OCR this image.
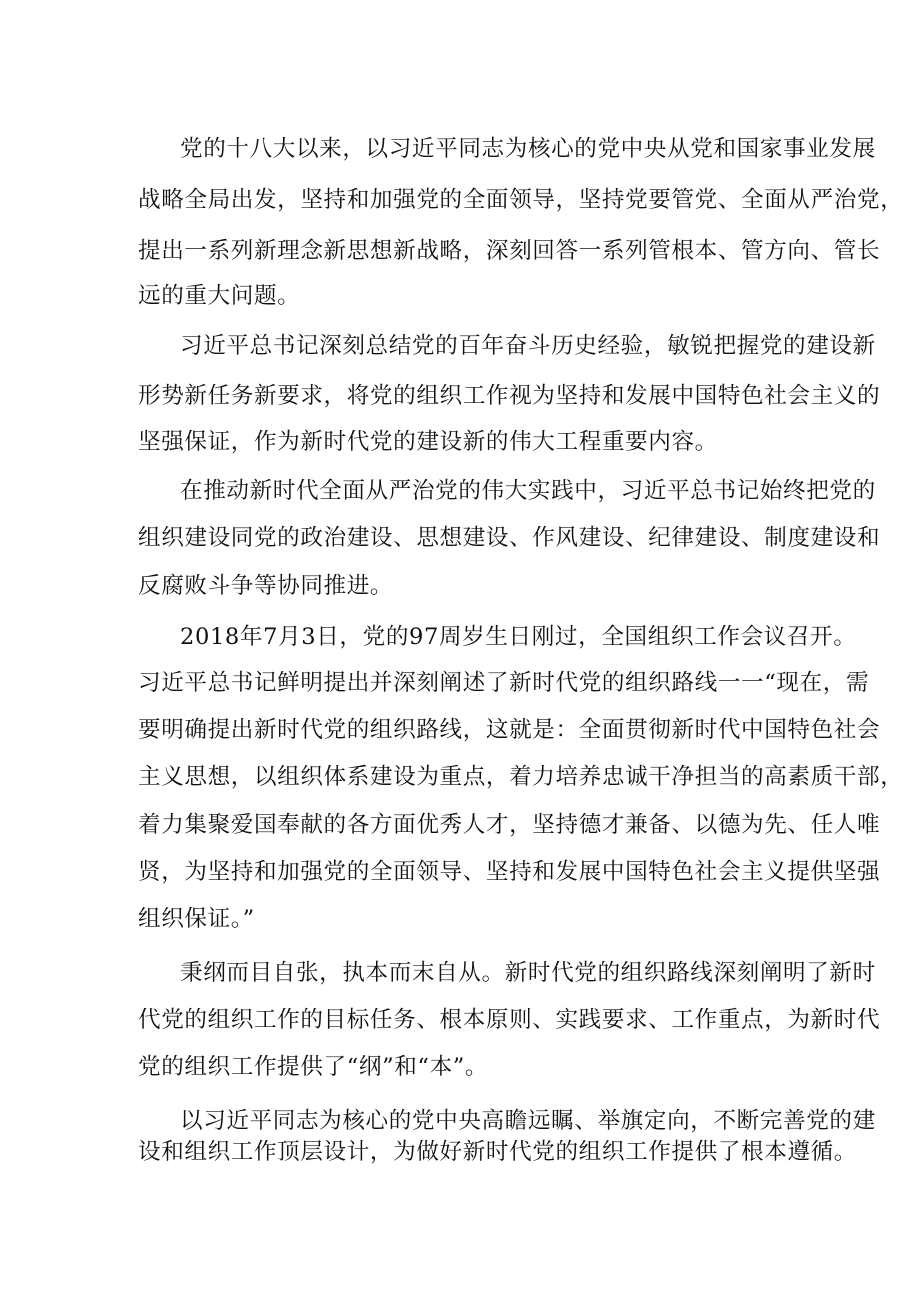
党的十八大以来，以习近平同志为核心的党中央从党和国家事业发展
战略全局出发，坚持和加强党的全面领导，坚持党要管党、全面从严治党，
提出一系列新理念新思想新战略，深刻回答一系列管根本、管方向、管长
远的重大问题。
习近平总书记深刻总结党的百年奋斗历史经验，敏锐把握党的建设新
形势新任务新要求，将党的组织工作视为坚持和发展中国特色社会主义的
坚强保证，作为新时代党的建设新的伟大工程重要内容。
在推动新时代全面从严治党的伟大实践中，习近平总书记始终把党的
组织建设同党的政治建设、思想建设、作风建设、纪律建设、制度建设和
反腐败斗争等协同推进。
2018年7月3日，党的97周岁生日刚过，全国组织工作会议召开。
习近平总书记鲜明提出并深刻阐述了新时代党的组织路线一一“现在，需
要明确提出新时代党的组织路线，这就是：全面贯彻新时代中国特色社会
主义思想，以组织体系建设为重点，着力培养忠诚干净担当的高素质干部，
着力集聚爱国奉献的各方面优秀人才，坚持德才兼备、以德为先、任人唯
贤，为坚持和加强党的全面领导、坚持和发展中国特色社会主义提供坚强
组织保证。”
秉纲而目自张，执本而末自从。新时代党的组织路线深刻阐明了新时
代党的组织工作的目标任务、根本原则、实践要求、工作重点，为新时代
党的组织工作提供了“纲”和“本”。
以习近平同志为核心的党中央高瞻远瞩、举旗定向，不断完善党的建
设和组织工作顶层设计，为做好新时代党的组织工作提供了根本遵循。
